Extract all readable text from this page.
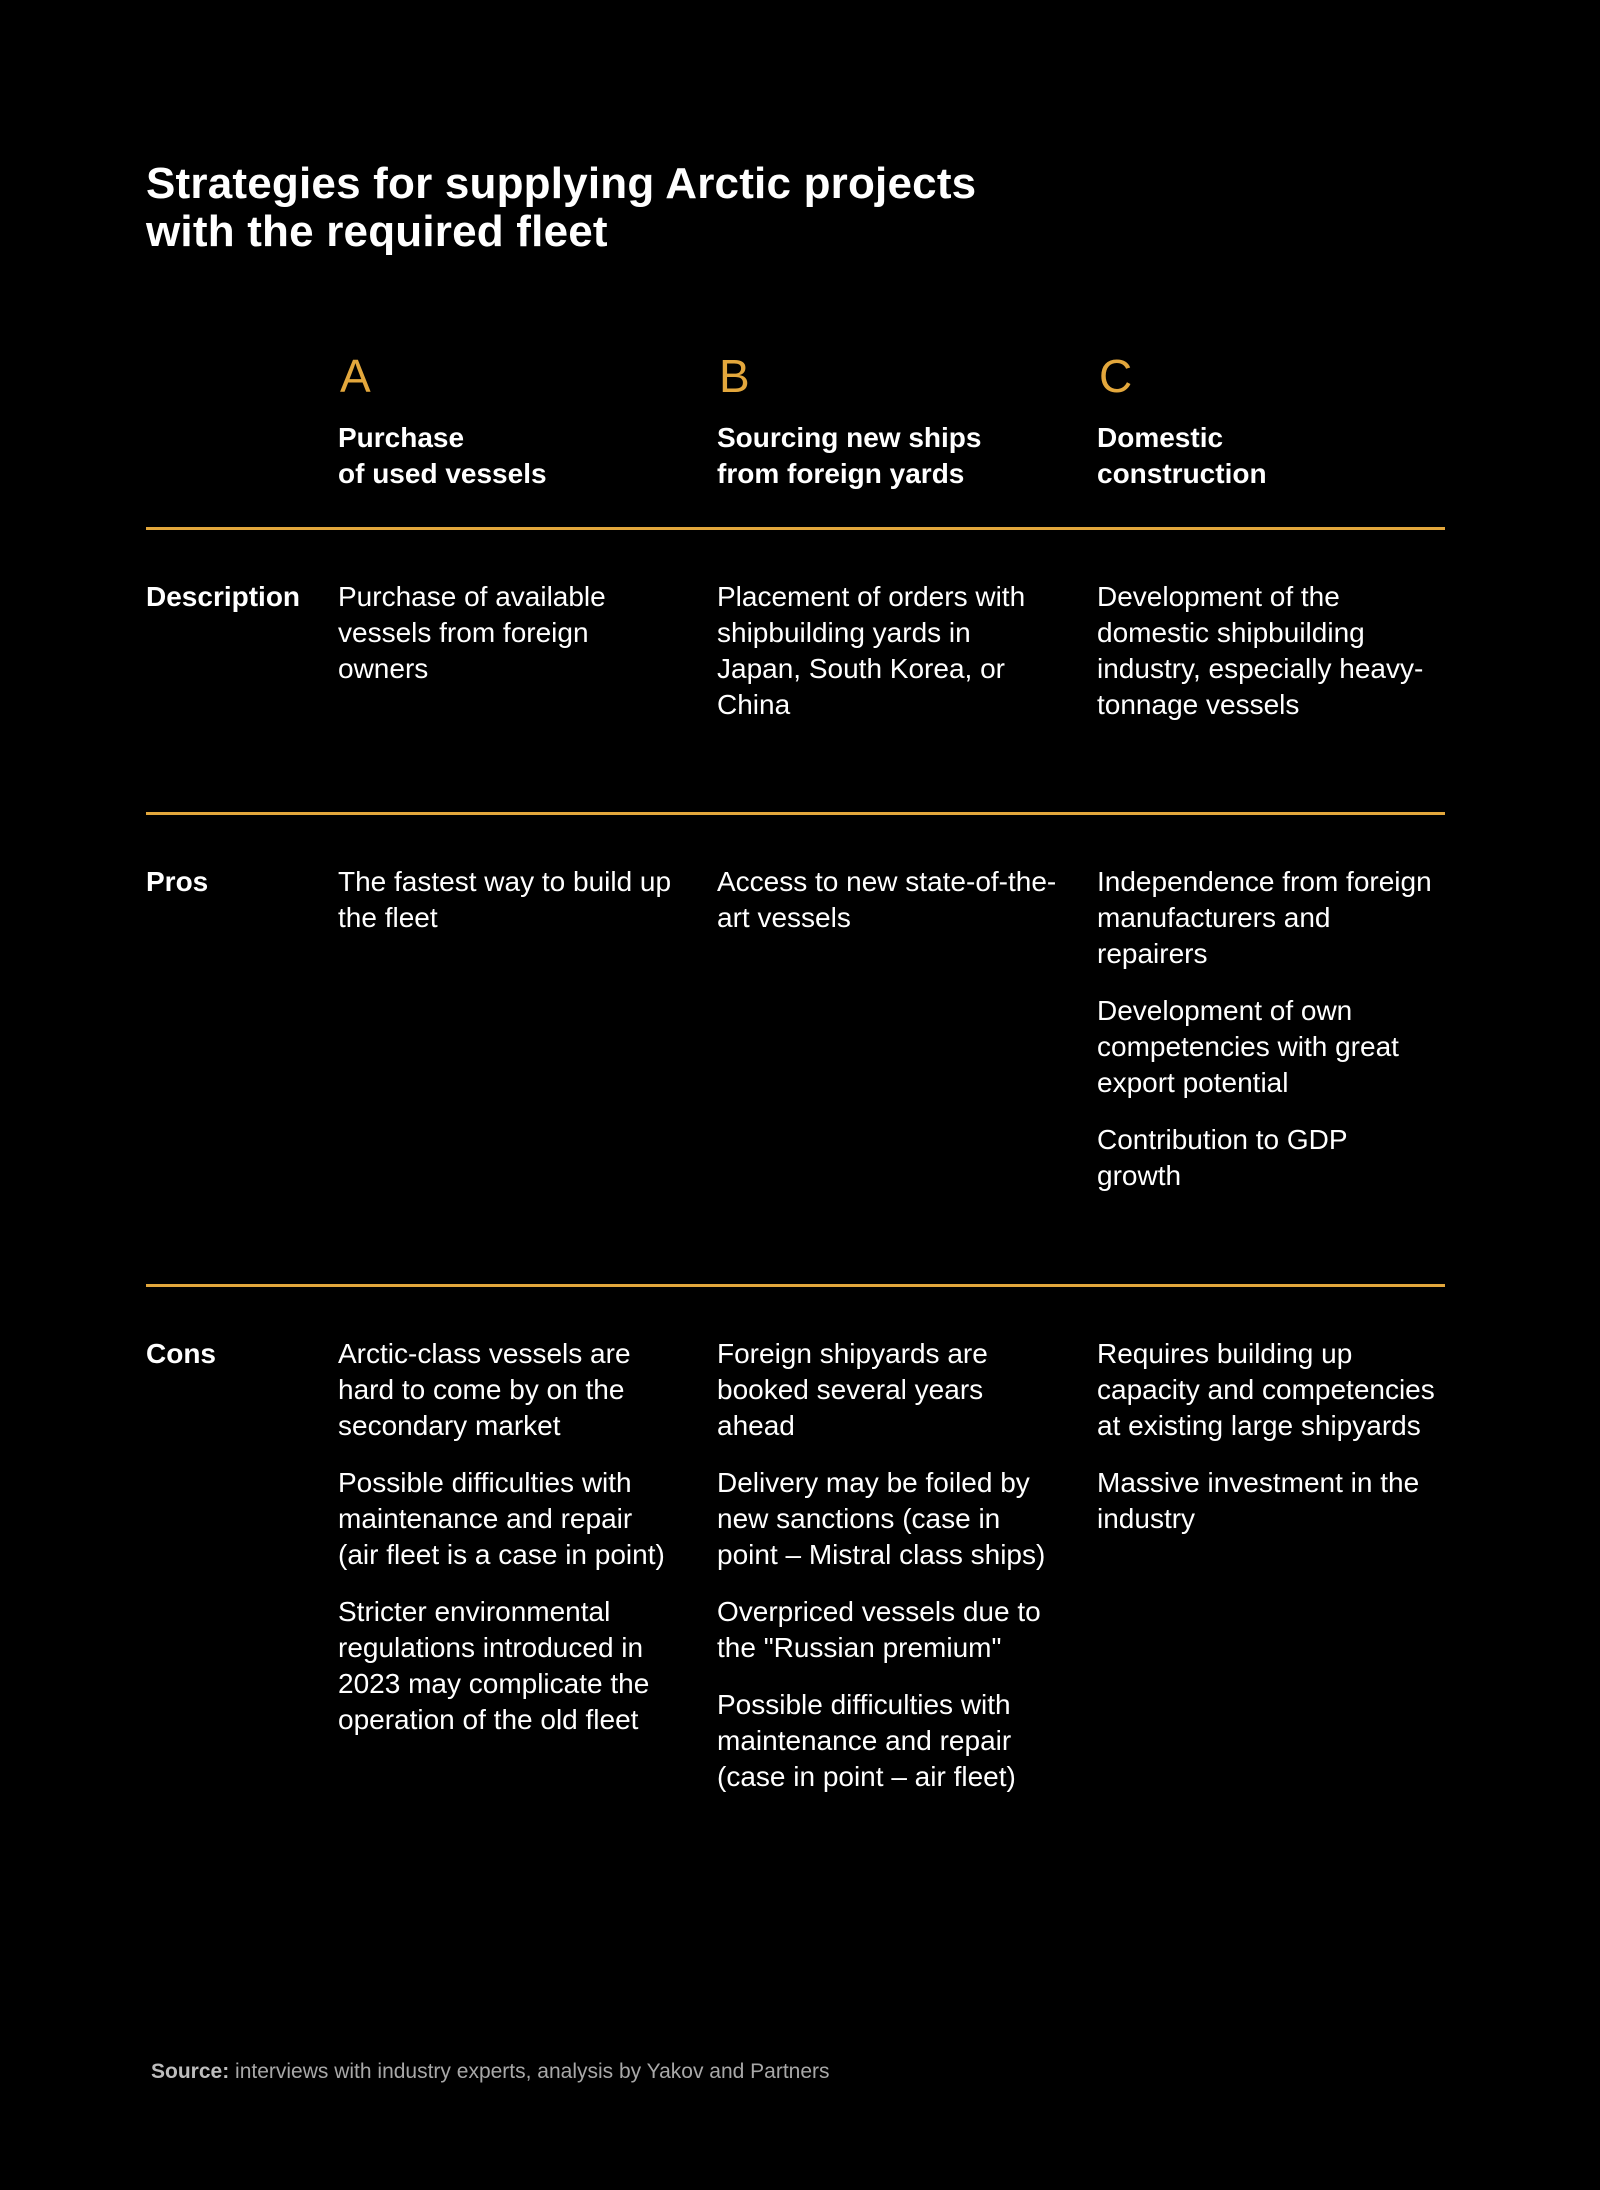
Strategies for supplying Arctic projects
with the required fleet
A
Purchase
of used vessels
B
Sourcing new ships
from foreign yards
C
Domestic
construction
Description Purchase of available vessels from foreign owners

Placement of orders with shipbuilding yards in Japan, South Korea, or China

Development of the domestic shipbuilding industry, especially heavy-tonnage vessels

Pros	The fastest way to build up the fleet

Access to new state-of-the-art vessels

Independence from foreign manufacturers and repairers

Development of own competencies with great export potential

Contribution to GDP growth

Cons	Arctic-class vessels are hard to come by on the secondary market

Possible difficulties with maintenance and repair (air fleet is a case in point)

Stricter environmental regulations introduced in 2023 may complicate the operation of the old fleet

Foreign shipyards are booked several years ahead

Delivery may be foiled by new sanctions (case in point – Mistral class ships)

Overpriced vessels due to the "Russian premium"

Possible difficulties with maintenance and repair (case in point – air fleet)

Requires building up capacity and competencies at existing large shipyards

Massive investment in the industry

Source: interviews with industry experts, analysis by Yakov and Partners
